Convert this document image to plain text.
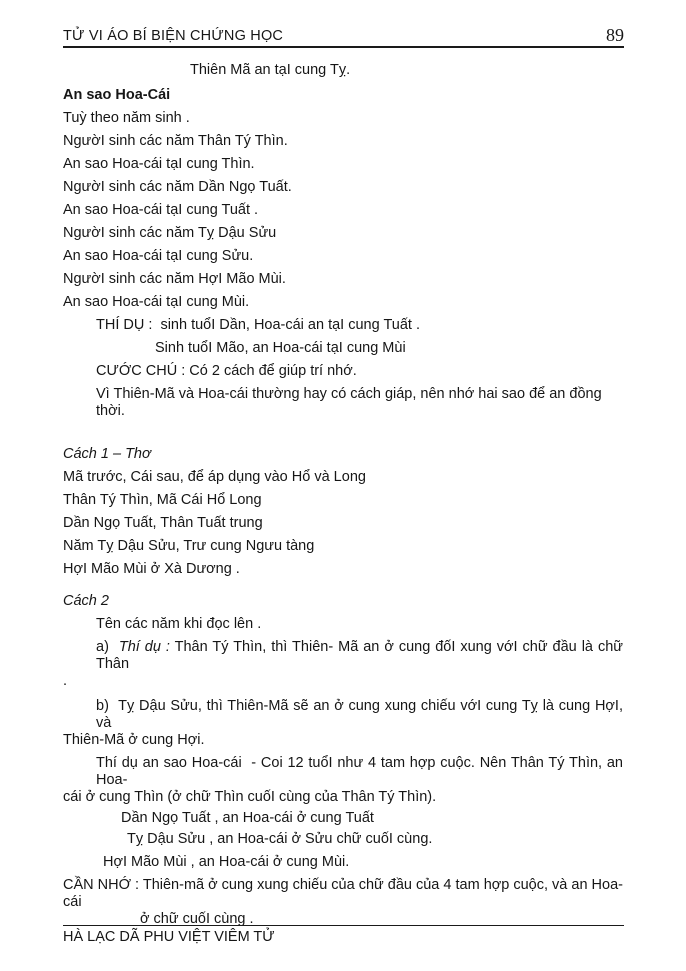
TỬ VI ÁO BÍ BIỆN CHỨNG HỌC	89
Thiên Mã an tạI cung Tỵ.
An sao Hoa-Cái
Tuỳ theo năm sinh .
NgườI sinh các năm Thân Tý Thìn.
An sao Hoa-cái tạI cung Thìn.
NgườI sinh các năm Dần Ngọ Tuất.
An sao Hoa-cái tạI cung Tuất .
NgườI sinh các năm Tỵ Dậu Sửu
An sao Hoa-cái tạI cung Sửu.
NgườI sinh các năm HợI Mão Mùi.
An sao Hoa-cái tạI cung Mùi.
THÍ DỤ :  sinh tuổI Dần, Hoa-cái an tạI cung Tuất .
Sinh tuổI Mão, an Hoa-cái tạI cung Mùi
CƯỚC CHÚ : Có 2 cách để giúp trí nhớ.
Vì Thiên-Mã và Hoa-cái thường hay có cách giáp, nên nhớ hai sao để an đồng thời.
Cách 1 – Thơ
Mã trước, Cái sau, để áp dụng vào Hổ và Long
Thân Tý Thìn, Mã Cái Hổ Long
Dần Ngọ Tuất, Thân Tuất trung
Năm Tỵ Dậu Sửu, Trư cung Ngưu tàng
HợI Mão Mùi ở Xà Dương .
Cách 2
Tên các năm khi đọc lên .
a)  Thí dụ : Thân Tý Thìn, thì Thiên- Mã an ở cung đốI xung vớI chữ đầu là chữ Thân
.
b)  Tỵ Dậu Sửu, thì Thiên-Mã sẽ an ở cung xung chiếu vớI cung Tỵ là cung HợI, và
Thiên-Mã ở cung Hợi.
Thí dụ an sao Hoa-cái  - Coi 12 tuổI như 4 tam hợp cuộc. Nên Thân Tý Thìn, an Hoa-
cái ở cung Thìn (ở chữ Thìn cuốI cùng của Thân Tý Thìn).
Dần Ngọ Tuất , an Hoa-cái ở cung Tuất
Tỵ Dậu Sửu , an Hoa-cái ở Sửu chữ cuốI cùng.
HợI Mão Mùi , an Hoa-cái ở cung Mùi.
CẦN NHỚ : Thiên-mã ở cung xung chiếu của chữ đầu của 4 tam hợp cuộc, và an Hoa-cái
ở chữ cuốI cùng .
HÀ LẠC DÃ PHU VIỆT VIÊM TỬ
